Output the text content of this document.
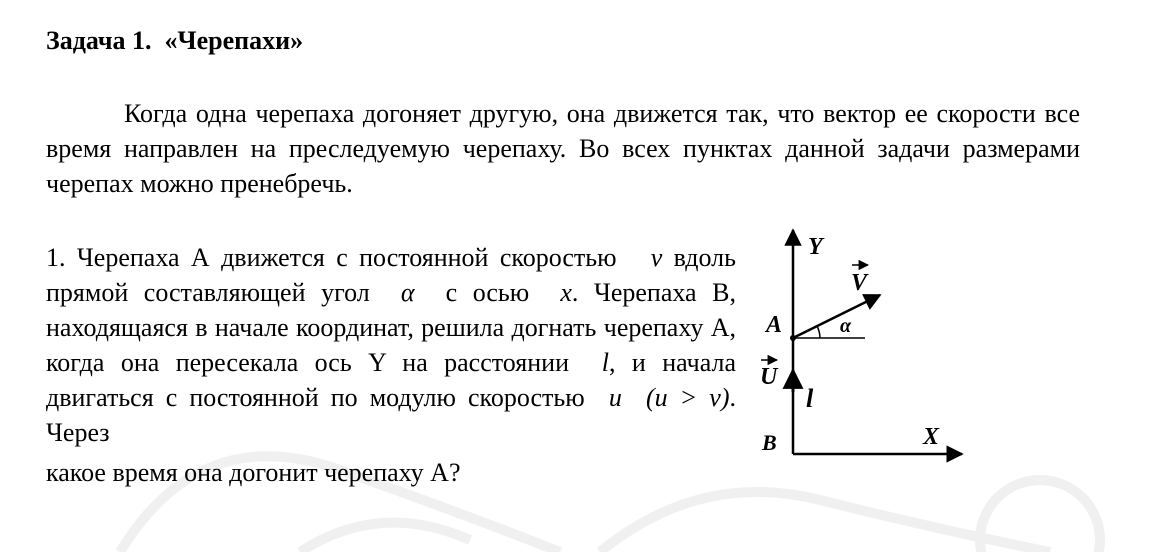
Задача 1.  «Черепахи»
Когда одна черепаха догоняет другую, она движется так, что вектор ее скорости все время направлен на преследуемую черепаху. Во всех пунктах данной задачи размерами черепах можно пренебречь.
1. Черепаха А движется с постоянной скоростью v вдоль прямой составляющей угол α с осью x. Черепаха B, находящаяся в начале координат, решила догнать черепаху A, когда она пересекала ось Y на расстоянии l, и начала двигаться с постоянной по модулю скоростью u (u > v). Через
какое время она догонит черепаху А?
Y
X
A
B
V
U
α
l
